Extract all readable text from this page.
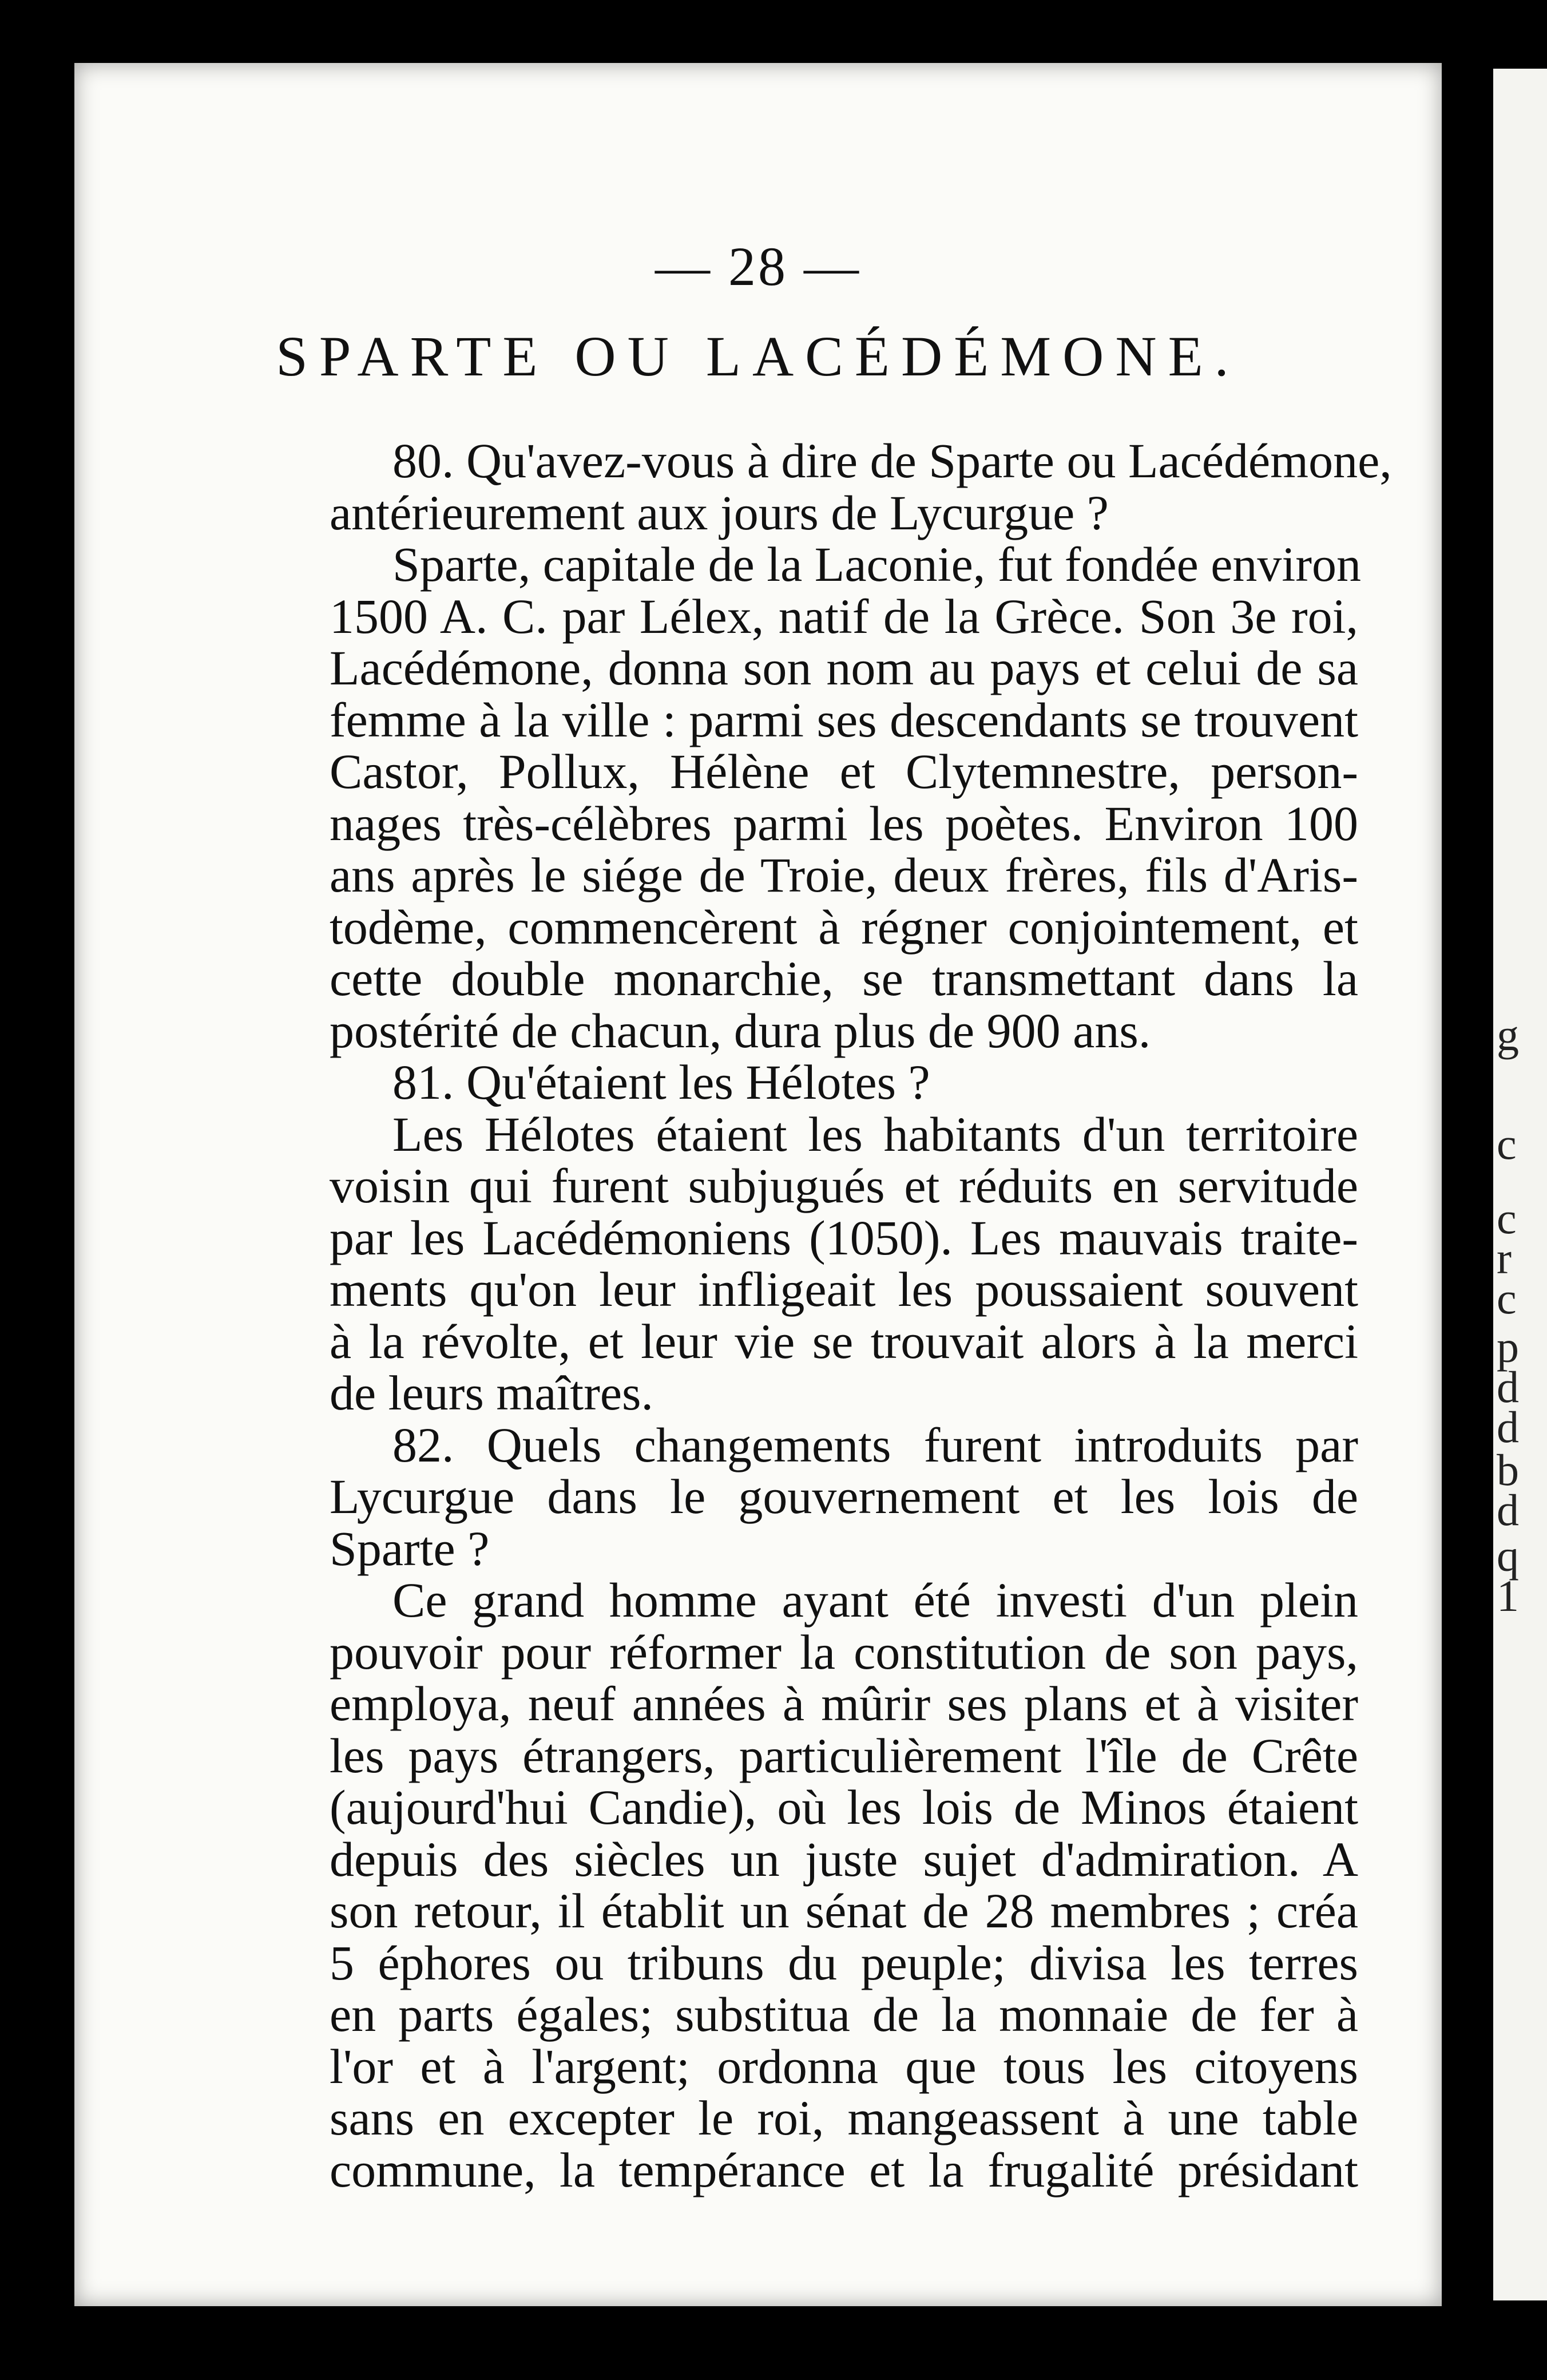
— 28 —
SPARTE OU LACÉDÉMONE.
80. Qu'avez-vous à dire de Sparte ou Lacédémone,
antérieurement aux jours de Lycurgue ?
Sparte, capitale de la Laconie, fut fondée environ
1500 A. C. par Lélex, natif de la Grèce. Son 3e roi,
Lacédémone, donna son nom au pays et celui de sa
femme à la ville : parmi ses descendants se trouvent
Castor, Pollux, Hélène et Clytemnestre, person-
nages très-célèbres parmi les poètes. Environ 100
ans après le siége de Troie, deux frères, fils d'Aris-
todème, commencèrent à régner conjointement, et
cette double monarchie, se transmettant dans la
postérité de chacun, dura plus de 900 ans.
81. Qu'étaient les Hélotes ?
Les Hélotes étaient les habitants d'un territoire
voisin qui furent subjugués et réduits en servitude
par les Lacédémoniens (1050). Les mauvais traite-
ments qu'on leur infligeait les poussaient souvent
à la révolte, et leur vie se trouvait alors à la merci
de leurs maîtres.
82. Quels changements furent introduits par
Lycurgue dans le gouvernement et les lois de
Sparte ?
Ce grand homme ayant été investi d'un plein
pouvoir pour réformer la constitution de son pays,
employa, neuf années à mûrir ses plans et à visiter
les pays étrangers, particulièrement l'île de Crête
(aujourd'hui Candie), où les lois de Minos étaient
depuis des siècles un juste sujet d'admiration. A
son retour, il établit un sénat de 28 membres ; créa
5 éphores ou tribuns du peuple; divisa les terres
en parts égales; substitua de la monnaie de fer à
l'or et à l'argent; ordonna que tous les citoyens
sans en excepter le roi, mangeassent à une table
commune, la tempérance et la frugalité présidant
g
c
c
r
c
p
d
d
b
d
q
1
